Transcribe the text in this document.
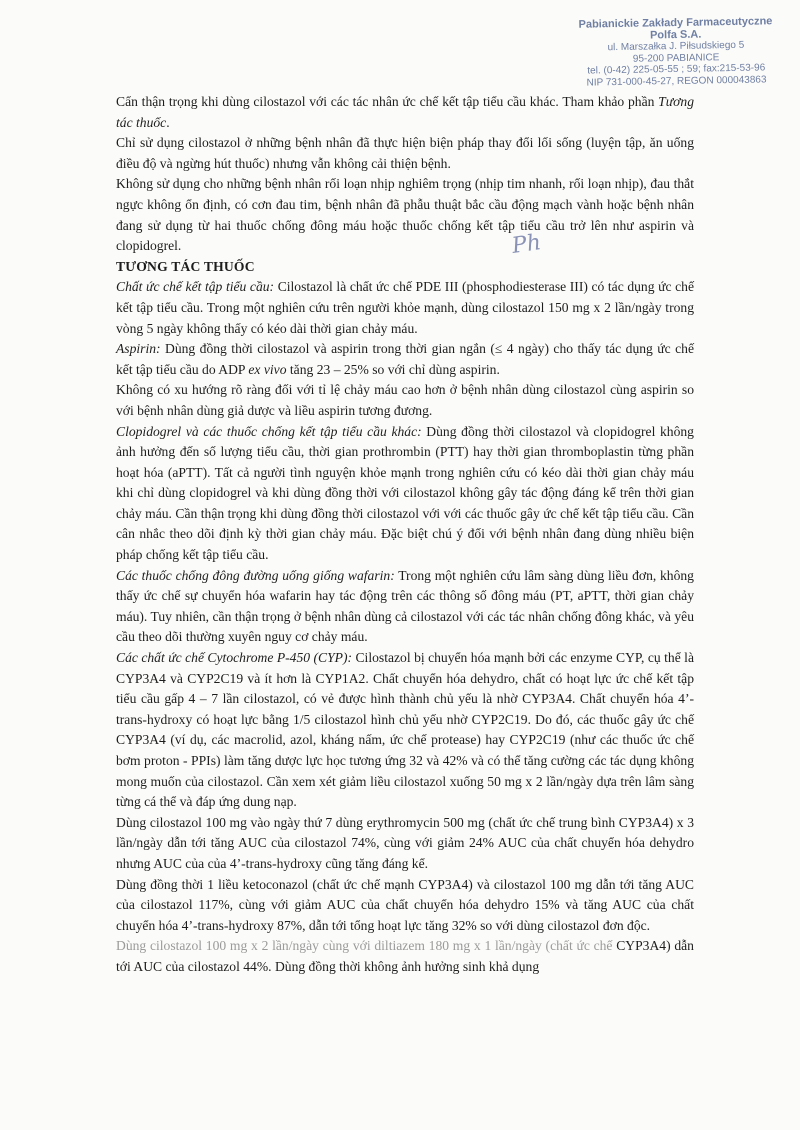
Pabianickie Zakłady Farmaceutyczne
Polfa S.A.
ul. Marszałka J. Piłsudskiego 5
95-200 PABIANICE
tel. (0-42) 225-05-55 ; 59; fax:215-53-96
NIP 731-000-45-27, REGON 000043863
Ph

Cẩn thận trọng khi dùng cilostazol với các tác nhân ức chế kết tập tiểu cầu khác. Tham khảo phần Tương tác thuốc.

Chỉ sử dụng cilostazol ở những bệnh nhân đã thực hiện biện pháp thay đổi lối sống (luyện tập, ăn uống điều độ và ngừng hút thuốc) nhưng vẫn không cải thiện bệnh.

Không sử dụng cho những bệnh nhân rối loạn nhịp nghiêm trọng (nhịp tim nhanh, rối loạn nhịp), đau thắt ngực không ổn định, có cơn đau tim, bệnh nhân đã phẫu thuật bắc cầu động mạch vành hoặc bệnh nhân đang sử dụng từ hai thuốc chống đông máu hoặc thuốc chống kết tập tiểu cầu trở lên như aspirin và clopidogrel.

TƯƠNG TÁC THUỐC

Chất ức chế kết tập tiểu cầu: Cilostazol là chất ức chế PDE III (phosphodiesterase III) có tác dụng ức chế kết tập tiểu cầu. Trong một nghiên cứu trên người khỏe mạnh, dùng cilostazol 150 mg x 2 lần/ngày trong vòng 5 ngày không thấy có kéo dài thời gian chảy máu.

Aspirin: Dùng đồng thời cilostazol và aspirin trong thời gian ngắn (≤ 4 ngày) cho thấy tác dụng ức chế kết tập tiểu cầu do ADP ex vivo tăng 23 – 25% so với chỉ dùng aspirin.

Không có xu hướng rõ ràng đối với tỉ lệ chảy máu cao hơn ở bệnh nhân dùng cilostazol cùng aspirin so với bệnh nhân dùng giả dược và liều aspirin tương đương.

Clopidogrel và các thuốc chống kết tập tiểu cầu khác: Dùng đồng thời cilostazol và clopidogrel không ảnh hưởng đến số lượng tiểu cầu, thời gian prothrombin (PTT) hay thời gian thromboplastin từng phần hoạt hóa (aPTT). Tất cả người tình nguyện khỏe mạnh trong nghiên cứu có kéo dài thời gian chảy máu khi chỉ dùng clopidogrel và khi dùng đồng thời với cilostazol không gây tác động đáng kể trên thời gian chảy máu. Cần thận trọng khi dùng đồng thời cilostazol với với các thuốc gây ức chế kết tập tiểu cầu. Cần cân nhắc theo dõi định kỳ thời gian chảy máu. Đặc biệt chú ý đối với bệnh nhân đang dùng nhiều biện pháp chống kết tập tiểu cầu.

Các thuốc chống đông đường uống giống wafarin: Trong một nghiên cứu lâm sàng dùng liều đơn, không thấy ức chế sự chuyển hóa wafarin hay tác động trên các thông số đông máu (PT, aPTT, thời gian chảy máu). Tuy nhiên, cần thận trọng ở bệnh nhân dùng cả cilostazol với các tác nhân chống đông khác, và yêu cầu theo dõi thường xuyên nguy cơ chảy máu.

Các chất ức chế Cytochrome P-450 (CYP): Cilostazol bị chuyển hóa mạnh bởi các enzyme CYP, cụ thể là CYP3A4 và CYP2C19 và ít hơn là CYP1A2. Chất chuyển hóa dehydro, chất có hoạt lực ức chế kết tập tiểu cầu gấp 4 – 7 lần cilostazol, có vẻ được hình thành chủ yếu là nhờ CYP3A4. Chất chuyển hóa 4’-trans-hydroxy có hoạt lực bằng 1/5 cilostazol hình chủ yếu nhờ CYP2C19. Do đó, các thuốc gây ức chế CYP3A4 (ví dụ, các macrolid, azol, kháng nấm, ức chế protease) hay CYP2C19 (như các thuốc ức chế bơm proton - PPIs) làm tăng dược lực học tương ứng 32 và 42% và có thể tăng cường các tác dụng không mong muốn của cilostazol. Cần xem xét giảm liều cilostazol xuống 50 mg x 2 lần/ngày dựa trên lâm sàng từng cá thể và đáp ứng dung nạp.

Dùng cilostazol 100 mg vào ngày thứ 7 dùng erythromycin 500 mg (chất ức chế trung bình CYP3A4) x 3 lần/ngày dẫn tới tăng AUC của cilostazol 74%, cùng với giảm 24% AUC của chất chuyển hóa dehydro nhưng AUC của của 4’-trans-hydroxy cũng tăng đáng kể.

Dùng đồng thời 1 liều ketoconazol (chất ức chế mạnh CYP3A4) và cilostazol 100 mg dẫn tới tăng AUC của cilostazol 117%, cùng với giảm AUC của chất chuyển hóa dehydro 15% và tăng AUC của chất chuyển hóa 4’-trans-hydroxy 87%, dẫn tới tổng hoạt lực tăng 32% so với dùng cilostazol đơn độc.

Dùng cilostazol 100 mg x 2 lần/ngày cùng với diltiazem 180 mg x 1 lần/ngày (chất ức chế CYP3A4) dẫn tới AUC của cilostazol 44%. Dùng đồng thời không ảnh hưởng sinh khả dụng
